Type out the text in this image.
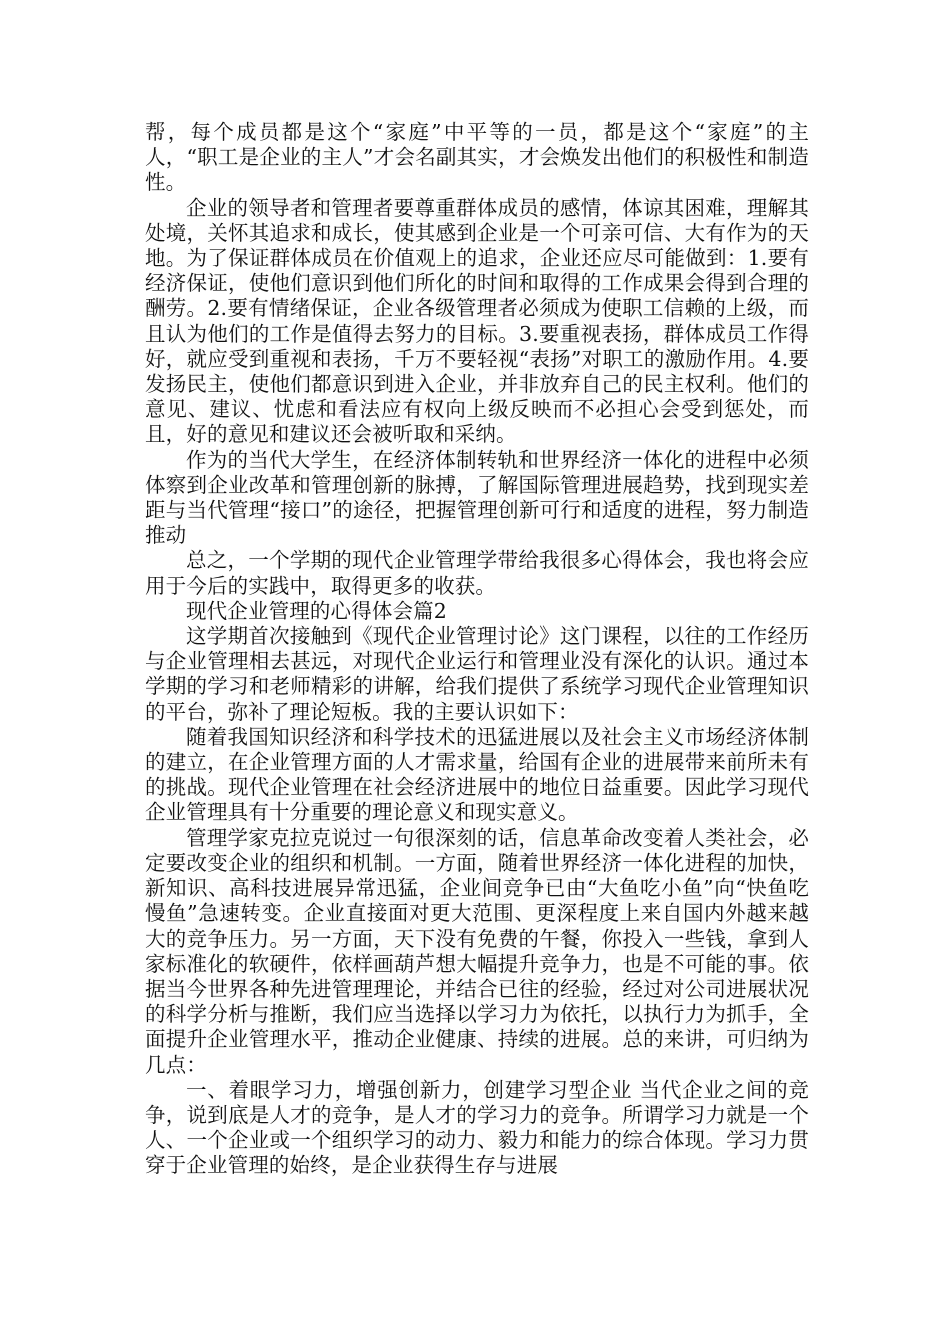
帮，每个成员都是这个“家庭”中平等的一员，都是这个“家庭”的主人，“职工是企业的主人”才会名副其实，才会焕发出他们的积极性和制造性。

企业的领导者和管理者要尊重群体成员的感情，体谅其困难，理解其处境，关怀其追求和成长，使其感到企业是一个可亲可信、大有作为的天地。为了保证群体成员在价值观上的追求，企业还应尽可能做到：1.要有经济保证，使他们意识到他们所化的时间和取得的工作成果会得到合理的酬劳。2.要有情绪保证，企业各级管理者必须成为使职工信赖的上级，而且认为他们的工作是值得去努力的目标。3.要重视表扬，群体成员工作得好，就应受到重视和表扬，千万不要轻视“表扬”对职工的激励作用。4.要发扬民主，使他们都意识到进入企业，并非放弃自己的民主权利。他们的意见、建议、忧虑和看法应有权向上级反映而不必担心会受到惩处，而且，好的意见和建议还会被听取和采纳。

作为的当代大学生，在经济体制转轨和世界经济一体化的进程中必须体察到企业改革和管理创新的脉搏，了解国际管理进展趋势，找到现实差距与当代管理“接口”的途径，把握管理创新可行和适度的进程，努力制造推动

总之，一个学期的现代企业管理学带给我很多心得体会，我也将会应用于今后的实践中，取得更多的收获。

现代企业管理的心得体会篇2

这学期首次接触到《现代企业管理讨论》这门课程，以往的工作经历与企业管理相去甚远，对现代企业运行和管理业没有深化的认识。通过本学期的学习和老师精彩的讲解，给我们提供了系统学习现代企业管理知识的平台，弥补了理论短板。我的主要认识如下：

随着我国知识经济和科学技术的迅猛进展以及社会主义市场经济体制的建立，在企业管理方面的人才需求量，给国有企业的进展带来前所未有的挑战。现代企业管理在社会经济进展中的地位日益重要。因此学习现代企业管理具有十分重要的理论意义和现实意义。

管理学家克拉克说过一句很深刻的话，信息革命改变着人类社会，必定要改变企业的组织和机制。一方面，随着世界经济一体化进程的加快，新知识、高科技进展异常迅猛，企业间竞争已由“大鱼吃小鱼”向“快鱼吃慢鱼”急速转变。企业直接面对更大范围、更深程度上来自国内外越来越大的竞争压力。另一方面，天下没有免费的午餐，你投入一些钱，拿到人家标准化的软硬件，依样画葫芦想大幅提升竞争力，也是不可能的事。依据当今世界各种先进管理理论，并结合已往的经验，经过对公司进展状况的科学分析与推断，我们应当选择以学习力为依托，以执行力为抓手，全面提升企业管理水平，推动企业健康、持续的进展。总的来讲，可归纳为几点：

一、着眼学习力，增强创新力，创建学习型企业 当代企业之间的竞争，说到底是人才的竞争，是人才的学习力的竞争。所谓学习力就是一个人、一个企业或一个组织学习的动力、毅力和能力的综合体现。学习力贯穿于企业管理的始终，是企业获得生存与进展
